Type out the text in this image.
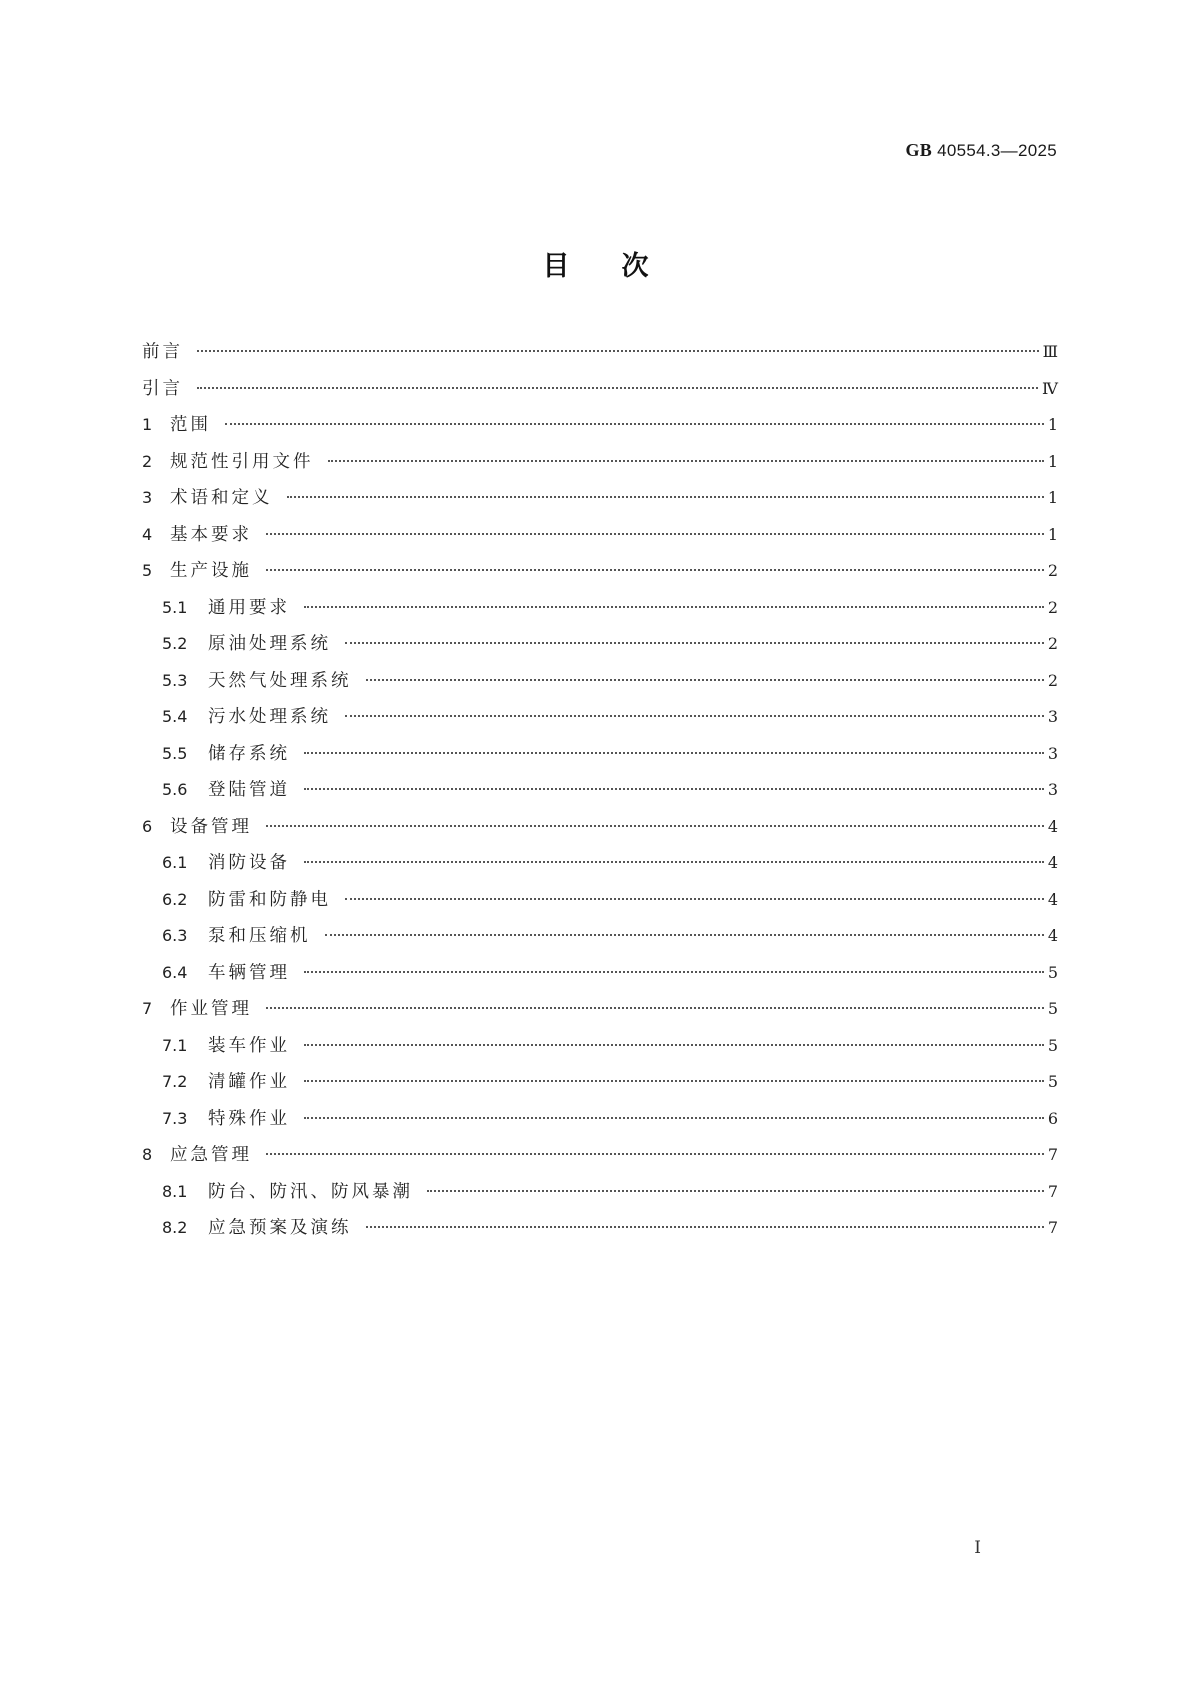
GB 40554.3—2025
目次
前言	Ⅲ
引言	Ⅳ
1	范围	1
2	规范性引用文件	1
3	术语和定义	1
4	基本要求	1
5	生产设施	2
5.1	通用要求	2
5.2	原油处理系统	2
5.3	天然气处理系统	2
5.4	污水处理系统	3
5.5	储存系统	3
5.6	登陆管道	3
6	设备管理	4
6.1	消防设备	4
6.2	防雷和防静电	4
6.3	泵和压缩机	4
6.4	车辆管理	5
7	作业管理	5
7.1	装车作业	5
7.2	清罐作业	5
7.3	特殊作业	6
8	应急管理	7
8.1	防台、防汛、防风暴潮	7
8.2	应急预案及演练	7
I
